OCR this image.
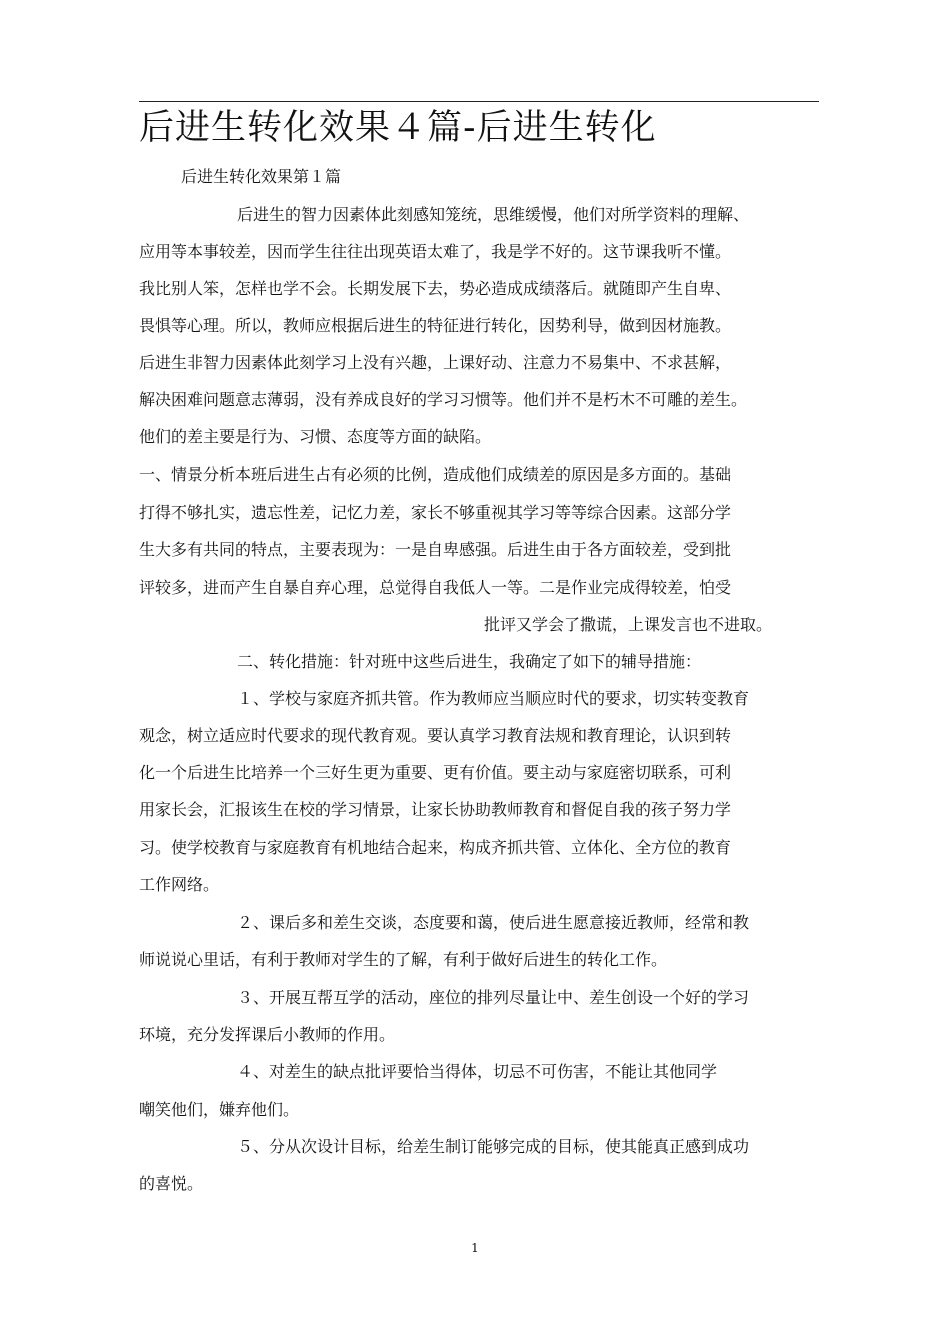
后进生转化效果４篇-后进生转化
后进生转化效果第１篇
后进生的智力因素体此刻感知笼统，思维缓慢，他们对所学资料的理解、
应用等本事较差，因而学生往往出现英语太难了，我是学不好的。这节课我听不懂。
我比别人笨，怎样也学不会。长期发展下去，势必造成成绩落后。就随即产生自卑、
畏惧等心理。所以，教师应根据后进生的特征进行转化，因势利导，做到因材施教。
后进生非智力因素体此刻学习上没有兴趣，上课好动、注意力不易集中、不求甚解，
解决困难问题意志薄弱，没有养成良好的学习习惯等。他们并不是朽木不可雕的差生。
他们的差主要是行为、习惯、态度等方面的缺陷。
一、情景分析本班后进生占有必须的比例，造成他们成绩差的原因是多方面的。基础
打得不够扎实，遗忘性差，记忆力差，家长不够重视其学习等等综合因素。这部分学
生大多有共同的特点，主要表现为：一是自卑感强。后进生由于各方面较差，受到批
评较多，进而产生自暴自弃心理，总觉得自我低人一等。二是作业完成得较差，怕受
批评又学会了撒谎，上课发言也不进取。
二、转化措施：针对班中这些后进生，我确定了如下的辅导措施：
１、学校与家庭齐抓共管。作为教师应当顺应时代的要求，切实转变教育
观念，树立适应时代要求的现代教育观。要认真学习教育法规和教育理论，认识到转
化一个后进生比培养一个三好生更为重要、更有价值。要主动与家庭密切联系，可利
用家长会，汇报该生在校的学习情景，让家长协助教师教育和督促自我的孩子努力学
习。使学校教育与家庭教育有机地结合起来，构成齐抓共管、立体化、全方位的教育
工作网络。
２、课后多和差生交谈，态度要和蔼，使后进生愿意接近教师，经常和教
师说说心里话，有利于教师对学生的了解，有利于做好后进生的转化工作。
３、开展互帮互学的活动，座位的排列尽量让中、差生创设一个好的学习
环境，充分发挥课后小教师的作用。
４、对差生的缺点批评要恰当得体，切忌不可伤害，不能让其他同学
嘲笑他们，嫌弃他们。
５、分从次设计目标，给差生制订能够完成的目标，使其能真正感到成功
的喜悦。
1
